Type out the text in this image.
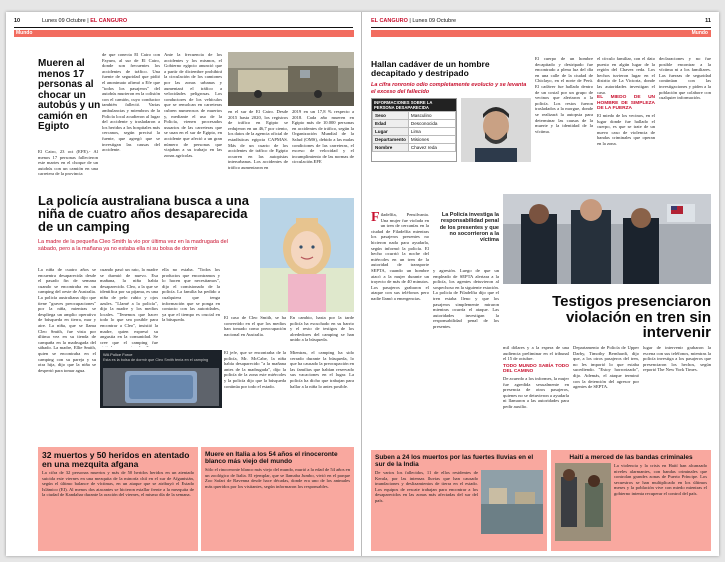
10	Lunes 09 Octubre | EL CANGURO
Mundo
Mueren al menos 17 personas al chocar un autobús y un camión en Egipto
El Cairo, 23 oct (EFE).- Al menos 17 personas fallecieron este martes en el choque de un autobús con un camión en una carretera de la provincia
de que conecta El Cairo con Fayum, al sur de El Cairo, donde son frecuentes los accidentes de tráfico. Una fuente de seguridad que pidió el anonimato afirmó a Efe que "todos los pasajeros" del autobús murieron en la colisión con el camión, cuyo conductor también falleció. Varias ambulancias y miembros de la Policía local acudieron al lugar del accidente y trasladaron a los heridos a los hospitales más cercanos, según precisó la fuente, que agregó que se investigan las causas del accidente.
Ante la frecuencia de los accidentes y los mismos, el Gobierno egipcio anunció que a partir de diciembre prohibirá la circulación de los camiones por las zonas urbanas y aumentará el tráfico a velocidades peligrosas. Los conductores de los vehículos que se remolcan en carreteras cubren numerosos de muertos y, mediante el uso de la Policía, vienen procesados usuarios de las carreteras que se usan en el sur de Egipto, en accidente que afectó a un gran número de personas que viajaban a su trabajo en las zonas agrícolas.
en el sur de El Cairo. Desde 2015 hasta 2020, los registros de tráfico en Egipto se redujeron en un 46,7 por ciento, los datos de la agencia oficial de estadísticas egipcia CAPMAS. Más de un cuarto de los accidentes de tráfico de Egipto ocurren en las autopistas interurbanas. Los accidentes de tráfico aumentaron en
2019 en un 17,8 % respecto a 2018. Cada año mueren en Egipto más de 10.000 personas en accidentes de tráfico, según la Organización Mundial de la Salud (OMS), debido a las malas condiciones de las carreteras, el exceso de velocidad y el incumplimiento de las normas de circulación.EFE
La policía australiana busca a una niña de cuatro años desaparecida de un camping
La madre de la pequeña Cleo Smith la vio por última vez en la madrugada del sábado, pero a la mañana ya no estaba ella ni su bolsa de dormir
La niña de cuatro años se encuentra desaparecida desde el pasado fin de semana cuando se encontraba en un camping del oeste de Australia. La policía australiana dijo que tiene "graves preocupaciones" por la niña, mientras se despliega un amplio operativo de búsqueda en tierra, mar y aire. La niña, que se llama Cleo Smith, fue vista por última vez en su tienda de campaña en la madrugada del sábado. La madre, Ellie Smith, quien se encontraba en el camping con su pareja y su otra hija, dijo que la niña se despertó para tomar agua.
cuando pasó un rato, la madre se durmió de nuevo. Esa mañana, la niña había desaparecido. Cleo, a la que se identifica por su pijama, es una niña de pelo rubio y ojos azules. "Llamé a la policía", dijo la madre y los medios locales. "Tenemos que hacer todo lo que sea posible para encontrar a Cleo", insistió la madre, quien expresó su angustia en la comunidad. Se cree que el camping fue
ella no estaba. "Todos los productos que encontramos y lo hacen que necesitamos", dijo el comisionado de la policía. La familia ha pedido a cualquiera que tenga información que se ponga en contacto con las autoridades, ya que el tiempo es crucial en la búsqueda.	El caso de Cleo Smith, se ha convertido en el que los medios han tomado como preocupación nacional en Australia.
En cambio, hasta por la tarde policía ha escuchado en su barrio y el resto de testigos de los alrededores del camping se han unido a la búsqueda.
WA Police Force
Esta es la bolsa de dormir que Cleo Smith tenía en el camping
El jefe, que se encontraba de la policía, Mr. McCabe, la niña había desaparecido "a la mañana antes de la madrugada", dijo la policía de la zona este miércoles y la policía dijo que la búsqueda continúa por todo el estado.
Mientras, el camping ha sido cerrado durante la búsqueda, lo que ha causado la preocupación en las familias que habían reservado sus vacaciones en el lugar. La policía ha dicho que trabajan para hallar a la niña lo antes posible.
32 muertos y 50 heridos en atentado en una mezquita afgana
La cifra de 32 personas muertos y más de 50 heridos heridos en un atentado suicida este viernes en una mezquita de la minoría chií en el sur de Afganistán, según el último balance de víctimas, en un ataque que se atribuyó el Estado Islámico (EI). Al menos dos atacantes se hicieron estallar frente a la mezquita de la ciudad de Kandahar durante la oración del viernes, el mismo día de la semana.
Muere en Italia a los 54 años el rinoceronte blanco más viejo del mundo
Sólo el rinoceronte blanco más viejo del mundo, murió a la edad de 54 años en un zoológico de Italia. El ejemplar, que se llamaba Jumbo, vivió en el parque Zoo Safari de Ravenna desde hace décadas, donde era uno de los animales más queridos por los visitantes, según informaron los responsables.
EL CANGURO | Lunes 09 Octubre	11
Mundo
Hallan cadáver de un hombre decapitado y destripado
La cifra ronronio odio completamente evolucio y se levanta el exceso del fallecido
INFORMACIONES SOBRE LA PERSONA DESAPARECIDA
Sexo	Masculino
Edad	Desconocida
Lugar	Lima
Departamento	Misiones
Nombre	Chavez reda
El cuerpo de un hombre decapitado y destripado fue encontrado a plena luz del día en una calle de la ciudad de Chiclayo, en el norte de Perú. El cadáver fue hallado dentro de un costal por un grupo de vecinos que alertaron a la policía. Los restos fueron trasladados a la morgue, donde se realizará la autopsia para determinar las causas de la muerte y la identidad de la víctima.
el círculo familiar, con el dato puesto en algún lugar de la región del Chavez reda. Los hechos tuvieron lugar en el distrito de La Victoria, donde las autoridades investigan el caso.
EL MIEDO DE UN HOMBRE DE SIMPLEZA DE LA FUERZA
El miedo de los vecinos, en el lugar donde fue hallado el cuerpo, es que se trate de un nuevo caso de violencia de bandas criminales que operan en la zona.
declaraciones y no fue posible encontrar a la víctima ni a los familiares. Las fuerzas de seguridad continúan con las investigaciones y piden a la población que colabore con cualquier información.
Filadelfia, Pensilvania. Una mujer fue violada en un tren de cercanías en la ciudad de Filadelfia mientras los pasajeros presentes no hicieron nada para ayudarla, según informó la policía. El hecho ocurrió la noche del miércoles en un tren de la autoridad de transporte SEPTA, cuando un hombre atacó a la mujer durante un trayecto de más de 40 minutos. Los pasajeros grabaron el ataque con sus teléfonos pero nadie llamó a emergencias.
La Policía investiga la responsabilidad penal de los presentes y que no socorrieron a la víctima
y agresión. Luego de que un empleado de SEPTA alertara a la policía, los agentes detuvieron al sospechoso en la siguiente estación. La policía de Filadelfia dijo que el tren estaba lleno y que los pasajeros simplemente miraron mientras ocurría el ataque. Las autoridades investigan la responsabilidad penal de los presentes.
Testigos presenciaron violación en tren sin intervenir
mil dólares y a la espera de una audiencia preliminar en el tribunal el 15 de octubre.
TODO MUNDO SABÍA TODO DEL CAMINO
De acuerdo a los informes, la mujer fue agredida sexualmente en presencia de otros pasajeros, quienes no se detuvieron a ayudarla ni llamaron a las autoridades para pedir auxilio.
Departamento de Policía de Upper Darby, Timothy Bernhardt, dijo que, a los otros pasajeros del tren, no les importó lo que estaba sucediendo. "Estoy horrorizado", dijo. Además, el ataque terminó con la detención del agresor por agentes de SEPTA.
lugar de intervenir grabaron la escena con sus teléfonos, mientras la policía investiga a los pasajeros que presenciaron los hechos, según reportó The New York Times.
Suben a 24 los muertos por las fuertes lluvias en el sur de la India
De varios los fallecidos, 11 de ellos residentes de Kerala, por las intensas lluvias que han causado inundaciones y deslizamientos de tierra en el estado. Los equipos de rescate trabajan para encontrar a los desaparecidos en las zonas más afectadas del sur del país.
Haití a merced de las bandas criminales
La violencia y la crisis en Haití han alcanzado niveles alarmantes, con bandas criminales que controlan grandes zonas de Puerto Príncipe. Los secuestros se han multiplicado en los últimos meses y la población vive con miedo mientras el gobierno intenta recuperar el control del país.
